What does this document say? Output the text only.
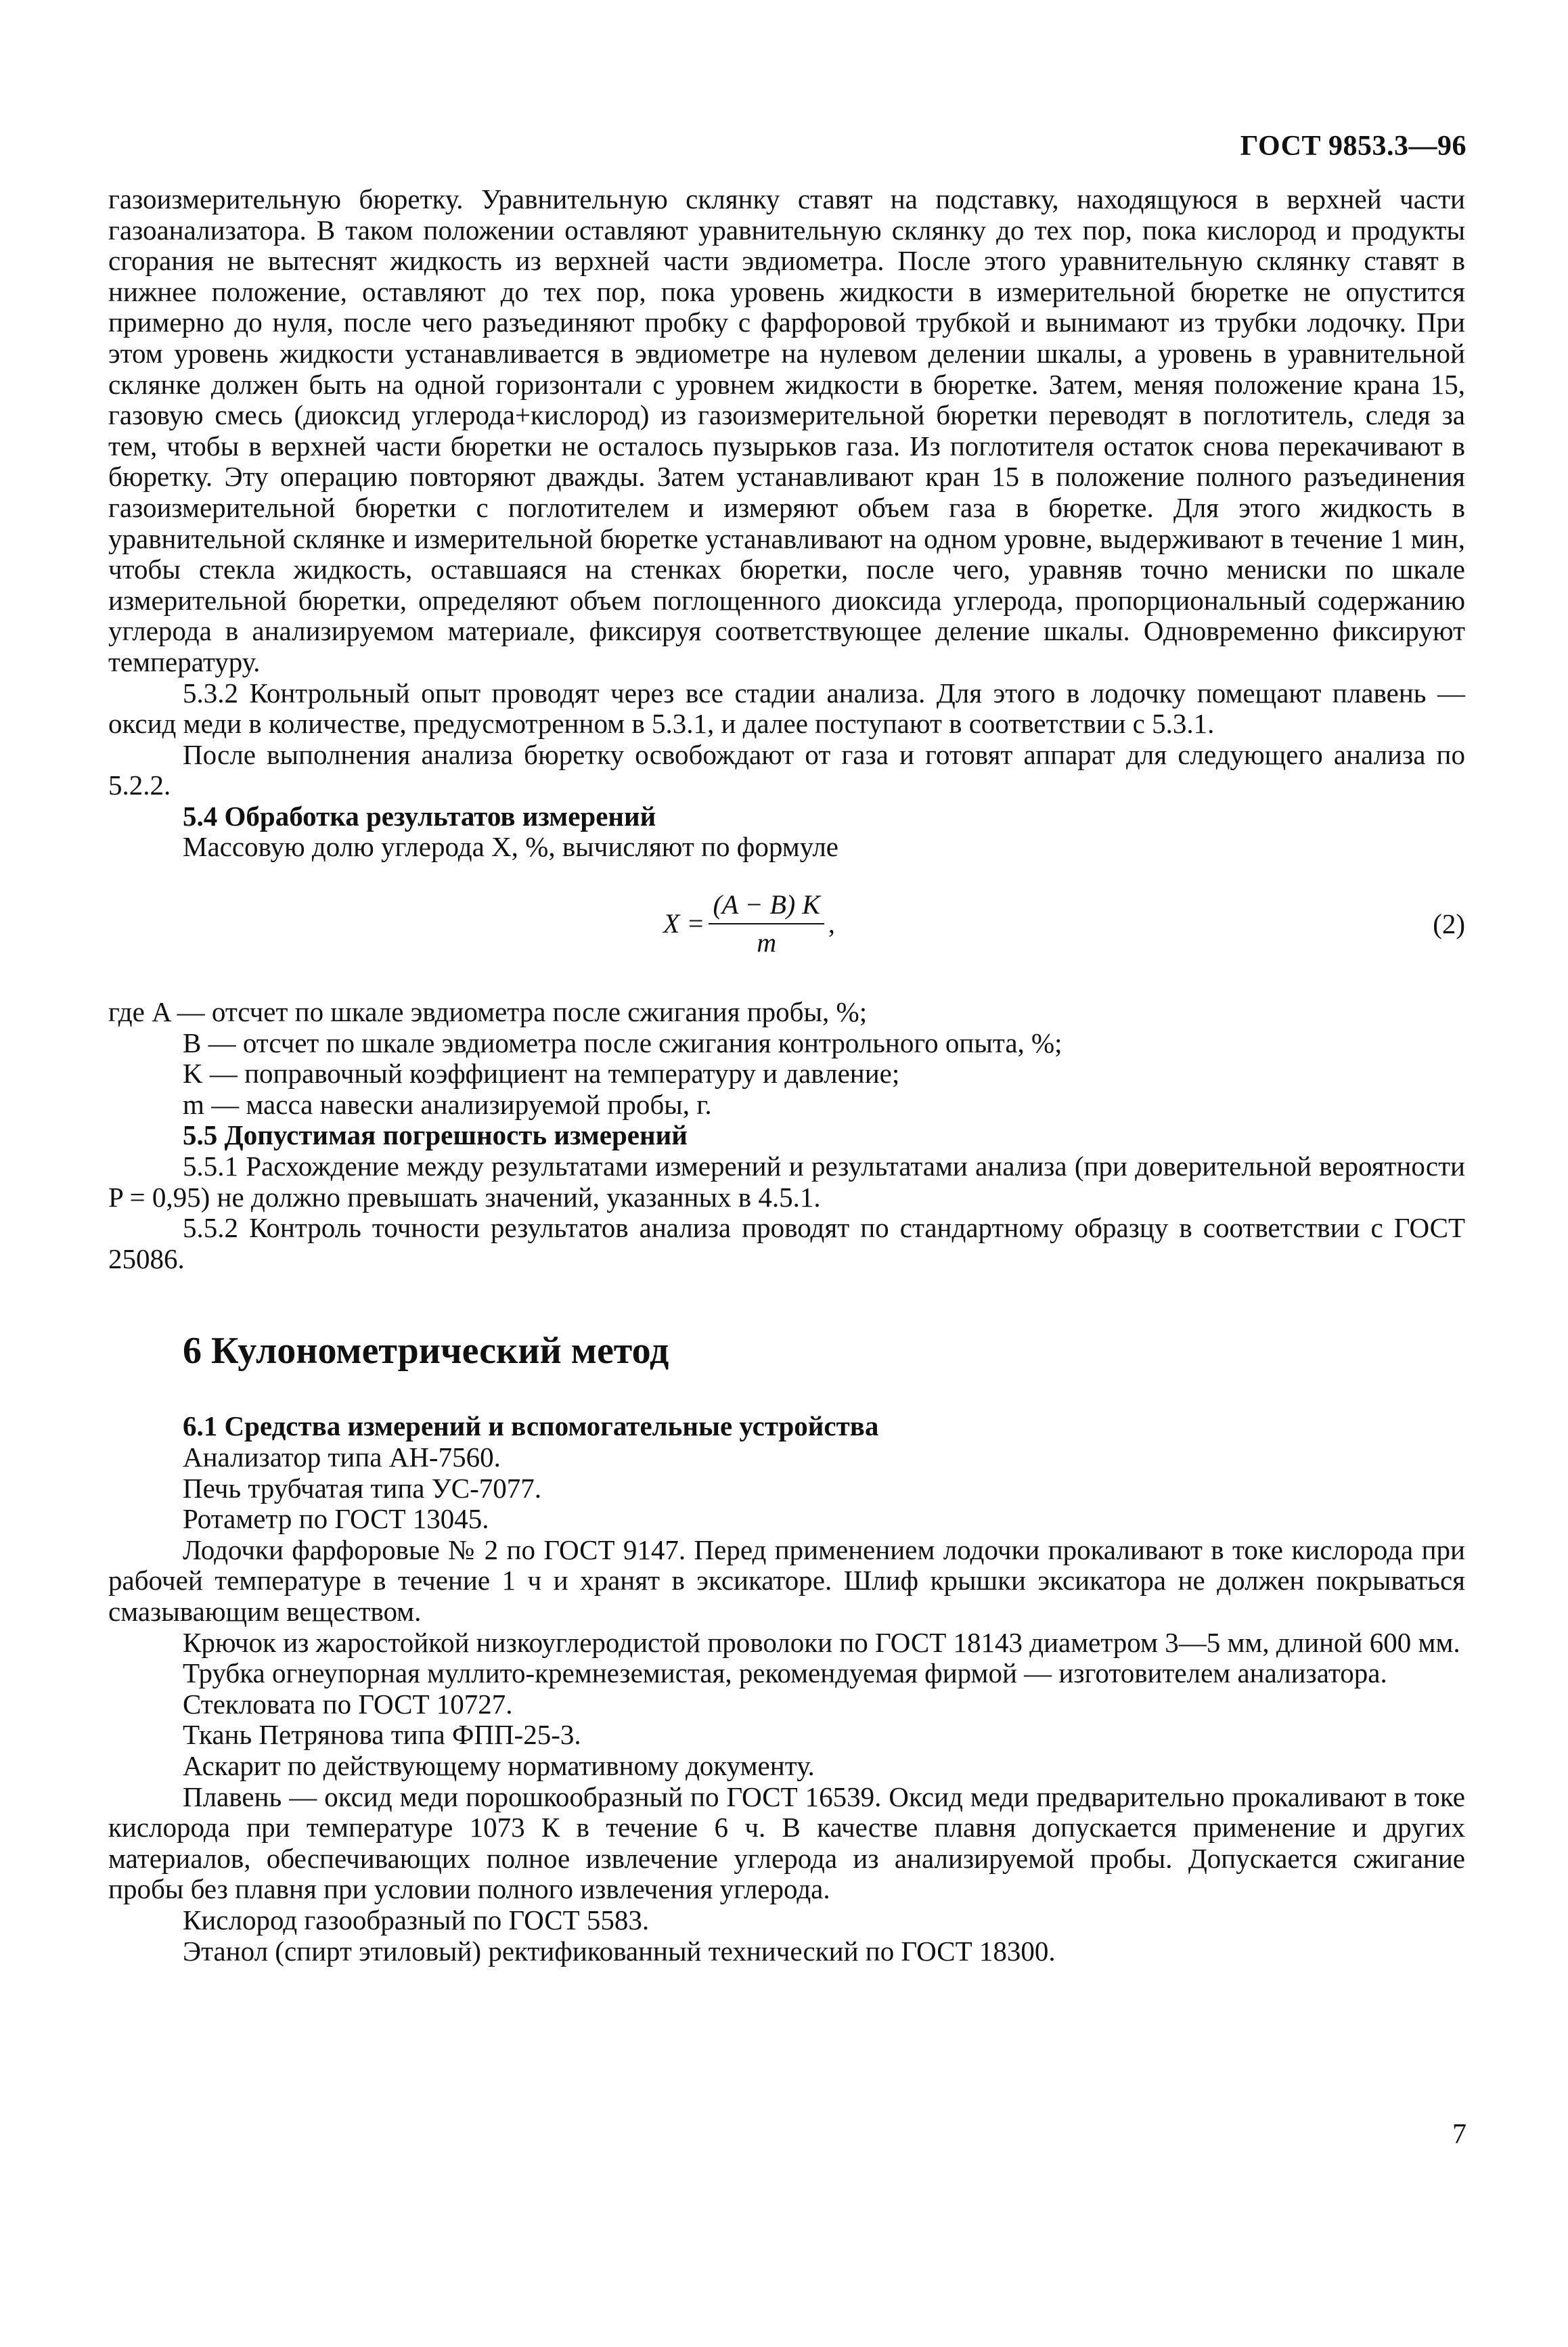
ГОСТ 9853.3—96

газоизмерительную бюретку. Уравнительную склянку ставят на подставку, находящуюся в верхней части газоанализатора. В таком положении оставляют уравнительную склянку до тех пор, пока кислород и продукты сгорания не вытеснят жидкость из верхней части эвдиометра. После этого уравнительную склянку ставят в нижнее положение, оставляют до тех пор, пока уровень жидкости в измерительной бюретке не опустится примерно до нуля, после чего разъединяют пробку с фарфоровой трубкой и вынимают из трубки лодочку. При этом уровень жидкости устанавливается в эвдиометре на нулевом делении шкалы, а уровень в уравнительной склянке должен быть на одной горизонтали с уровнем жидкости в бюретке. Затем, меняя положение крана 15, газовую смесь (диоксид углерода+кислород) из газоизмерительной бюретки переводят в поглотитель, следя за тем, чтобы в верхней части бюретки не осталось пузырьков газа. Из поглотителя остаток снова перекачивают в бюретку. Эту операцию повторяют дважды. Затем устанавливают кран 15 в положение полного разъединения газоизмерительной бюретки с поглотителем и измеряют объем газа в бюретке. Для этого жидкость в уравнительной склянке и измерительной бюретке устанавливают на одном уровне, выдерживают в течение 1 мин, чтобы стекла жидкость, оставшаяся на стенках бюретки, после чего, уравняв точно мениски по шкале измерительной бюретки, определяют объем поглощенного диоксида углерода, пропорциональный содержанию углерода в анализируемом материале, фиксируя соответствующее деление шкалы. Одновременно фиксируют температуру.

5.3.2 Контрольный опыт проводят через все стадии анализа. Для этого в лодочку помещают плавень — оксид меди в количестве, предусмотренном в 5.3.1, и далее поступают в соответствии с 5.3.1.

После выполнения анализа бюретку освобождают от газа и готовят аппарат для следующего анализа по 5.2.2.

5.4 Обработка результатов измерений

Массовую долю углерода X, %, вычисляют по формуле

$X = \frac{(A - B) K}{m}$ ,	(2)

где A — отсчет по шкале эвдиометра после сжигания пробы, %;

B — отсчет по шкале эвдиометра после сжигания контрольного опыта, %;

K — поправочный коэффициент на температуру и давление;

m — масса навески анализируемой пробы, г.

5.5 Допустимая погрешность измерений

5.5.1 Расхождение между результатами измерений и результатами анализа (при доверительной вероятности P = 0,95) не должно превышать значений, указанных в 4.5.1.

5.5.2 Контроль точности результатов анализа проводят по стандартному образцу в соответствии с ГОСТ 25086.

6 Кулонометрический метод

6.1 Средства измерений и вспомогательные устройства

Анализатор типа АН-7560.

Печь трубчатая типа УС-7077.

Ротаметр по ГОСТ 13045.

Лодочки фарфоровые № 2 по ГОСТ 9147. Перед применением лодочки прокаливают в токе кислорода при рабочей температуре в течение 1 ч и хранят в эксикаторе. Шлиф крышки эксикатора не должен покрываться смазывающим веществом.

Крючок из жаростойкой низкоуглеродистой проволоки по ГОСТ 18143 диаметром 3—5 мм, длиной 600 мм.

Трубка огнеупорная муллито-кремнеземистая, рекомендуемая фирмой — изготовителем анализатора.

Стекловата по ГОСТ 10727.

Ткань Петрянова типа ФПП-25-3.

Аскарит по действующему нормативному документу.

Плавень — оксид меди порошкообразный по ГОСТ 16539. Оксид меди предварительно прокаливают в токе кислорода при температуре 1073 К в течение 6 ч. В качестве плавня допускается применение и других материалов, обеспечивающих полное извлечение углерода из анализируемой пробы. Допускается сжигание пробы без плавня при условии полного извлечения углерода.

Кислород газообразный по ГОСТ 5583.

Этанол (спирт этиловый) ректификованный технический по ГОСТ 18300.

7
